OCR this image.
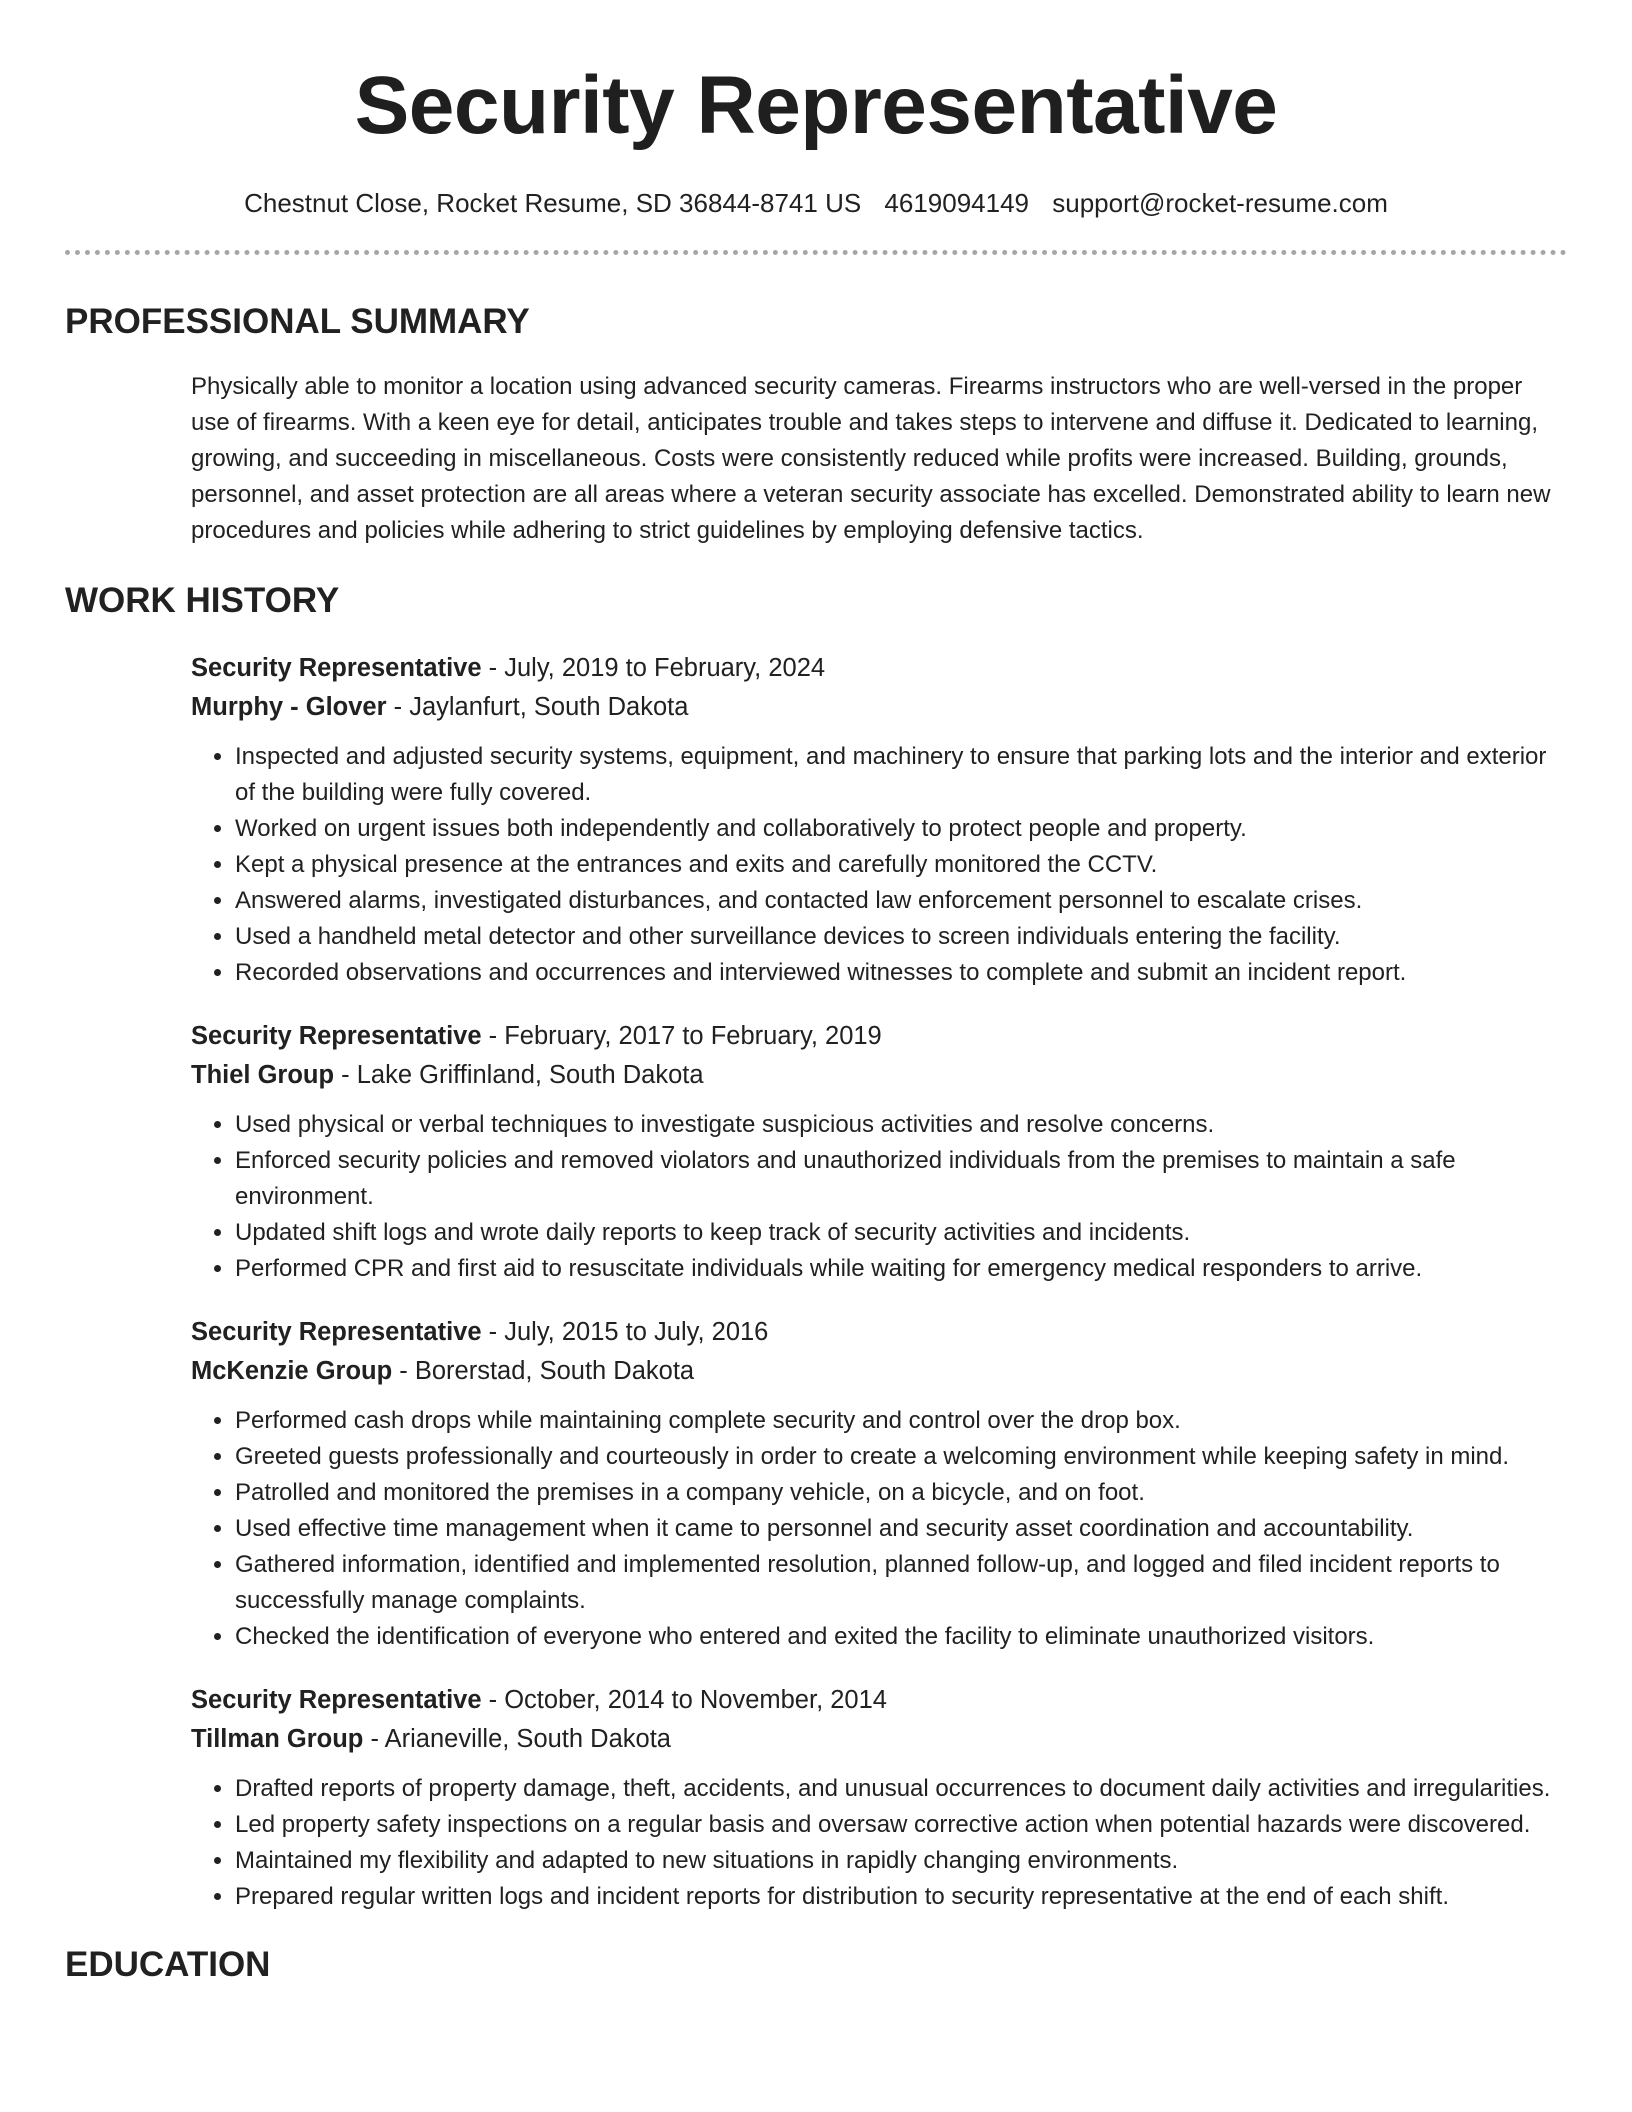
Security Representative
Chestnut Close, Rocket Resume, SD 36844-8741 US 4619094149 support@rocket-resume.com
PROFESSIONAL SUMMARY

Physically able to monitor a location using advanced security cameras. Firearms instructors who are well-versed in the proper use of firearms. With a keen eye for detail, anticipates trouble and takes steps to intervene and diffuse it. Dedicated to learning, growing, and succeeding in miscellaneous. Costs were consistently reduced while profits were increased. Building, grounds, personnel, and asset protection are all areas where a veteran security associate has excelled. Demonstrated ability to learn new procedures and policies while adhering to strict guidelines by employing defensive tactics.

WORK HISTORY
Security Representative - July, 2019 to February, 2024
Murphy - Glover - Jaylanfurt, South Dakota
• Inspected and adjusted security systems, equipment, and machinery to ensure that parking lots and the interior and exterior of the building were fully covered.
• Worked on urgent issues both independently and collaboratively to protect people and property.
• Kept a physical presence at the entrances and exits and carefully monitored the CCTV.
• Answered alarms, investigated disturbances, and contacted law enforcement personnel to escalate crises.
• Used a handheld metal detector and other surveillance devices to screen individuals entering the facility.
• Recorded observations and occurrences and interviewed witnesses to complete and submit an incident report.
Security Representative - February, 2017 to February, 2019
Thiel Group - Lake Griffinland, South Dakota
• Used physical or verbal techniques to investigate suspicious activities and resolve concerns.
• Enforced security policies and removed violators and unauthorized individuals from the premises to maintain a safe environment.
• Updated shift logs and wrote daily reports to keep track of security activities and incidents.
• Performed CPR and first aid to resuscitate individuals while waiting for emergency medical responders to arrive.
Security Representative - July, 2015 to July, 2016
McKenzie Group - Borerstad, South Dakota
• Performed cash drops while maintaining complete security and control over the drop box.
• Greeted guests professionally and courteously in order to create a welcoming environment while keeping safety in mind.
• Patrolled and monitored the premises in a company vehicle, on a bicycle, and on foot.
• Used effective time management when it came to personnel and security asset coordination and accountability.
• Gathered information, identified and implemented resolution, planned follow-up, and logged and filed incident reports to successfully manage complaints.
• Checked the identification of everyone who entered and exited the facility to eliminate unauthorized visitors.
Security Representative - October, 2014 to November, 2014
Tillman Group - Arianeville, South Dakota
• Drafted reports of property damage, theft, accidents, and unusual occurrences to document daily activities and irregularities.
• Led property safety inspections on a regular basis and oversaw corrective action when potential hazards were discovered.
• Maintained my flexibility and adapted to new situations in rapidly changing environments.
• Prepared regular written logs and incident reports for distribution to security representative at the end of each shift.
EDUCATION
